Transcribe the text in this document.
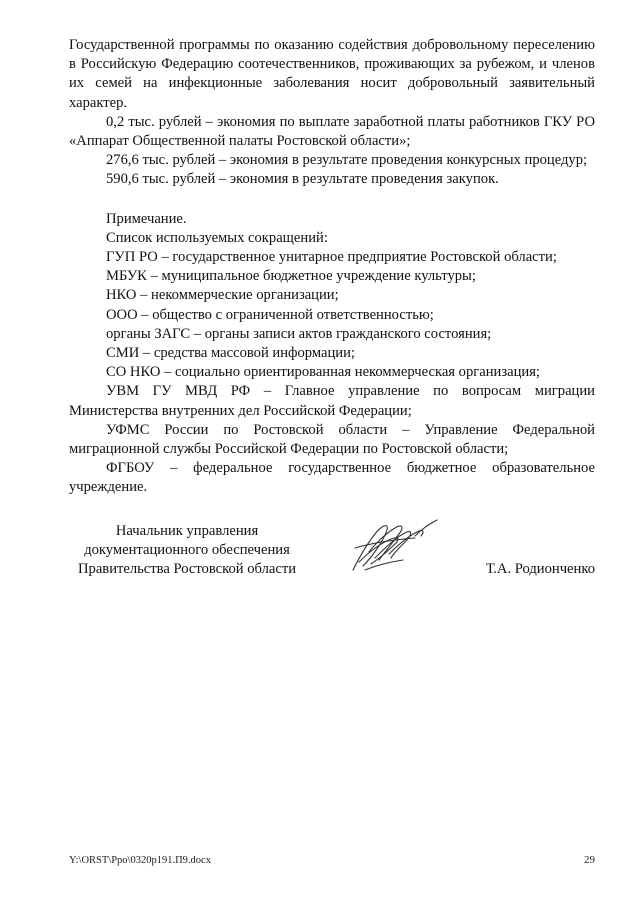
Государственной программы по оказанию содействия добровольному переселению в Российскую Федерацию соотечественников, проживающих за рубежом, и членов их семей на инфекционные заболевания носит добровольный заявительный характер.

0,2 тыс. рублей – экономия по выплате заработной платы работников ГКУ РО «Аппарат Общественной палаты Ростовской области»;

276,6 тыс. рублей – экономия в результате проведения конкурсных процедур;

590,6 тыс. рублей – экономия в результате проведения закупок.

Примечание.

Список используемых сокращений:

ГУП РО – государственное унитарное предприятие Ростовской области;

МБУК – муниципальное бюджетное учреждение культуры;

НКО – некоммерческие организации;

ООО – общество с ограниченной ответственностью;

органы ЗАГС – органы записи актов гражданского состояния;

СМИ – средства массовой информации;

СО НКО – социально ориентированная некоммерческая организация;

УВМ ГУ МВД РФ – Главное управление по вопросам миграции Министерства внутренних дел Российской Федерации;

УФМС России по Ростовской области – Управление Федеральной миграционной службы Российской Федерации по Ростовской области;

ФГБОУ – федеральное государственное бюджетное образовательное учреждение.

Начальник управления
документационного обеспечения
Правительства Ростовской области	Т.А. Родионченко
Y:\ORST\Ppo\0320p191.П9.docx	29
